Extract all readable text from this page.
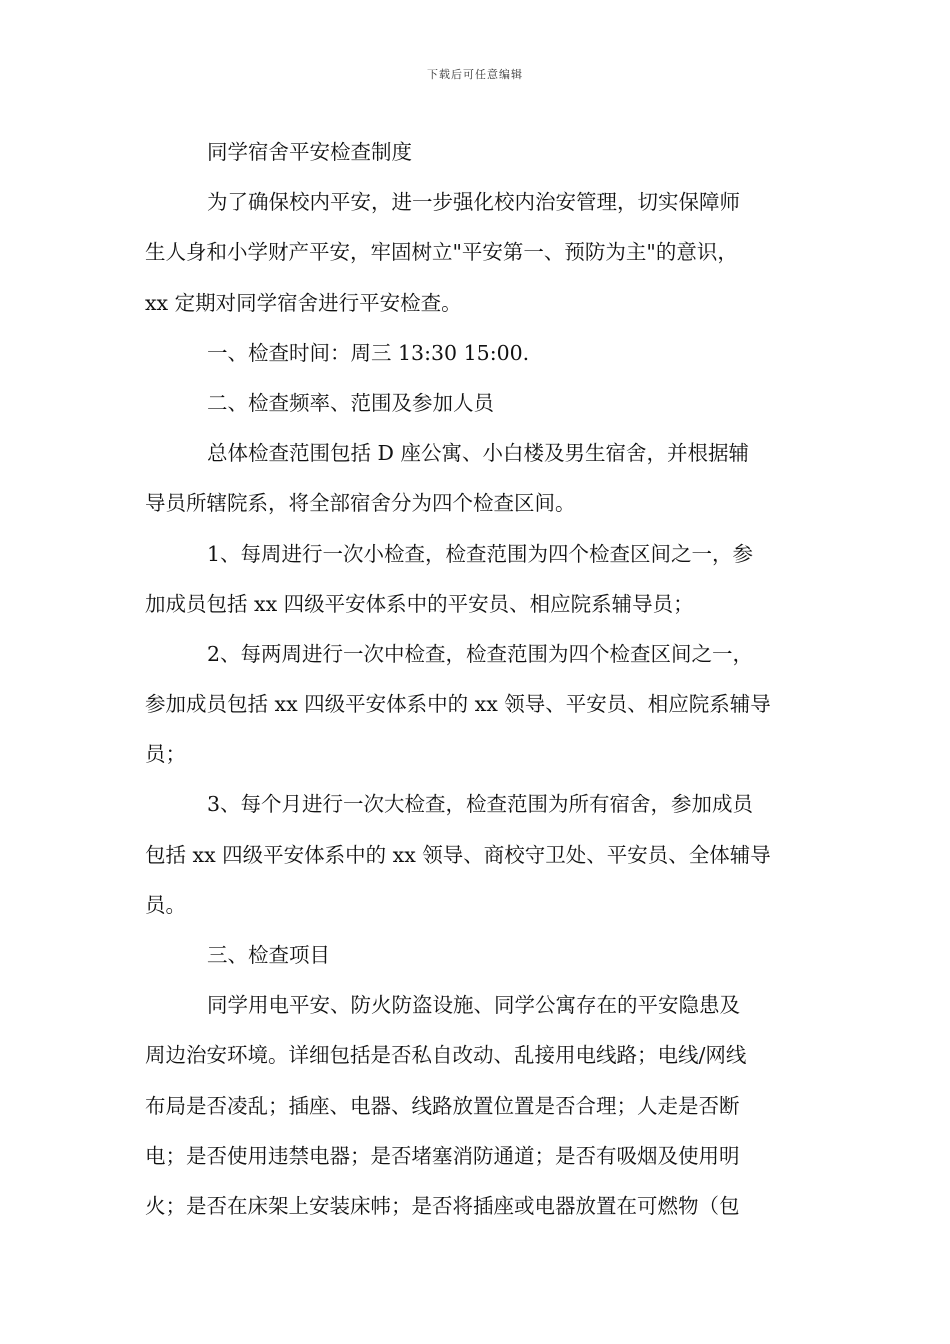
下载后可任意编辑
同学宿舍平安检查制度
为了确保校内平安，进一步强化校内治安管理，切实保障师
生人身和小学财产平安，牢固树立"平安第一、预防为主"的意识，
xx 定期对同学宿舍进行平安检查。
一、检查时间：周三 13:30 15:00.
二、检查频率、范围及参加人员
总体检查范围包括 D 座公寓、小白楼及男生宿舍，并根据辅
导员所辖院系，将全部宿舍分为四个检查区间。
1、每周进行一次小检查，检查范围为四个检查区间之一，参
加成员包括 xx 四级平安体系中的平安员、相应院系辅导员；
2、每两周进行一次中检查，检查范围为四个检查区间之一，
参加成员包括 xx 四级平安体系中的 xx 领导、平安员、相应院系辅导
员；
3、每个月进行一次大检查，检查范围为所有宿舍，参加成员
包括 xx 四级平安体系中的 xx 领导、商校守卫处、平安员、全体辅导
员。
三、检查项目
同学用电平安、防火防盗设施、同学公寓存在的平安隐患及
周边治安环境。详细包括是否私自改动、乱接用电线路；电线/网线
布局是否凌乱；插座、电器、线路放置位置是否合理；人走是否断
电；是否使用违禁电器；是否堵塞消防通道；是否有吸烟及使用明
火；是否在床架上安装床帏；是否将插座或电器放置在可燃物（包
